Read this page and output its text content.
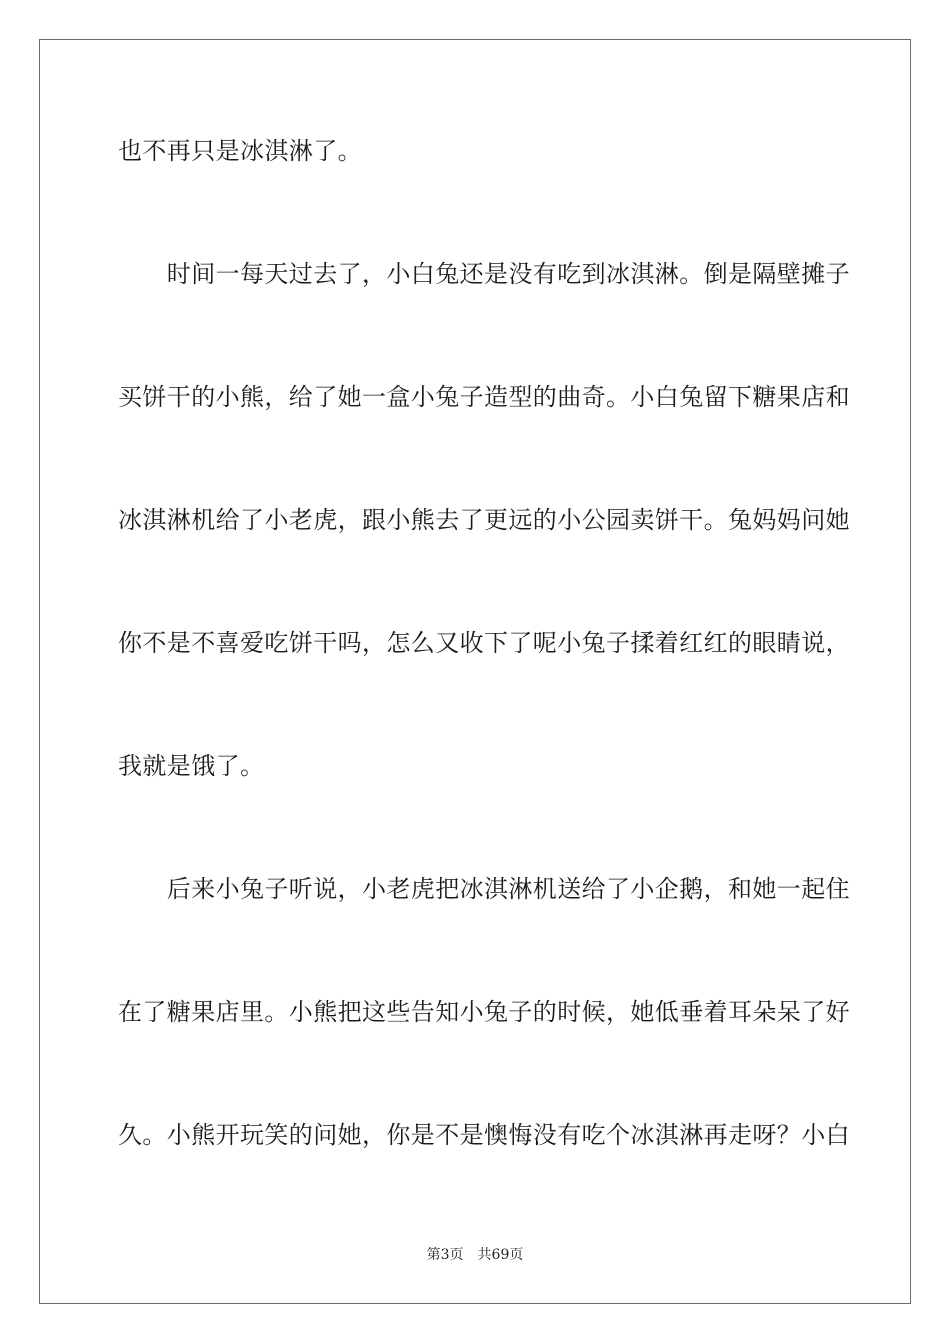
也不再只是冰淇淋了。
　　时间一每天过去了，小白兔还是没有吃到冰淇淋。倒是隔壁摊子
买饼干的小熊，给了她一盒小兔子造型的曲奇。小白兔留下糖果店和
冰淇淋机给了小老虎，跟小熊去了更远的小公园卖饼干。兔妈妈问她
你不是不喜爱吃饼干吗，怎么又收下了呢小兔子揉着红红的眼睛说，
我就是饿了。
　　后来小兔子听说，小老虎把冰淇淋机送给了小企鹅，和她一起住
在了糖果店里。小熊把这些告知小兔子的时候，她低垂着耳朵呆了好
久。小熊开玩笑的问她，你是不是懊悔没有吃个冰淇淋再走呀？小白
第3页 共69页
